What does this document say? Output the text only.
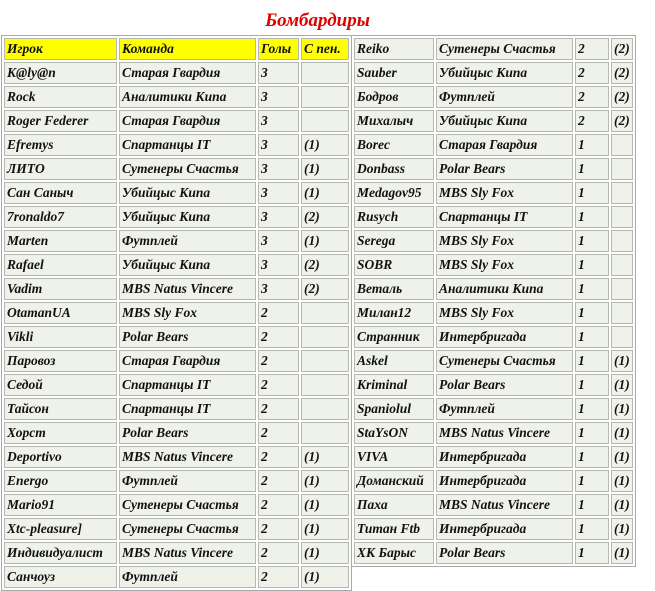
Бомбардиры
Игрок	Команда	Голы	С пен.
K@ly@n	Старая Гвардия	3	
Rock	Аналитики Кипа	3	
Roger Federer	Старая Гвардия	3	
Efremys	Спартанцы IT	3	(1)
ЛИТО	Сутенеры Счастья	3	(1)
Сан Саныч	Убийцыс Кипа	3	(1)
7ronaldo7	Убийцыс Кипа	3	(2)
Marten	Футплей	3	(1)
Rafael	Убийцыс Кипа	3	(2)
Vadim	MBS Natus Vincere	3	(2)
OtamanUA	MBS Sly Fox	2	
Vikli	Polar Bears	2	
Паровоз	Старая Гвардия	2	
Седой	Спартанцы IT	2	
Тайсон	Спартанцы IT	2	
Хорст	Polar Bears	2	
Deportivo	MBS Natus Vincere	2	(1)
Energo	Футплей	2	(1)
Mario91	Сутенеры Счастья	2	(1)
Xtc-pleasure]	Сутенеры Счастья	2	(1)
Индивидуалист	MBS Natus Vincere	2	(1)
Санчоуз	Футплей	2	(1)
Reiko	Сутенеры Счастья	2	(2)
Sauber	Убийцыс Кипа	2	(2)
Бодров	Футплей	2	(2)
Михалыч	Убийцыс Кипа	2	(2)
Borec	Старая Гвардия	1	
Donbass	Polar Bears	1	
Medagov95	MBS Sly Fox	1	
Rusych	Спартанцы IT	1	
Serega	MBS Sly Fox	1	
SOBR	MBS Sly Fox	1	
Веталь	Аналитики Кипа	1	
Милан12	MBS Sly Fox	1	
Странник	Интербригада	1	
Askel	Сутенеры Счастья	1	(1)
Kriminal	Polar Bears	1	(1)
Spaniolul	Футплей	1	(1)
StaYsON	MBS Natus Vincere	1	(1)
VIVA	Интербригада	1	(1)
Доманский	Интербригада	1	(1)
Паха	MBS Natus Vincere	1	(1)
Титан Ftb	Интербригада	1	(1)
ХК Барыс	Polar Bears	1	(1)
